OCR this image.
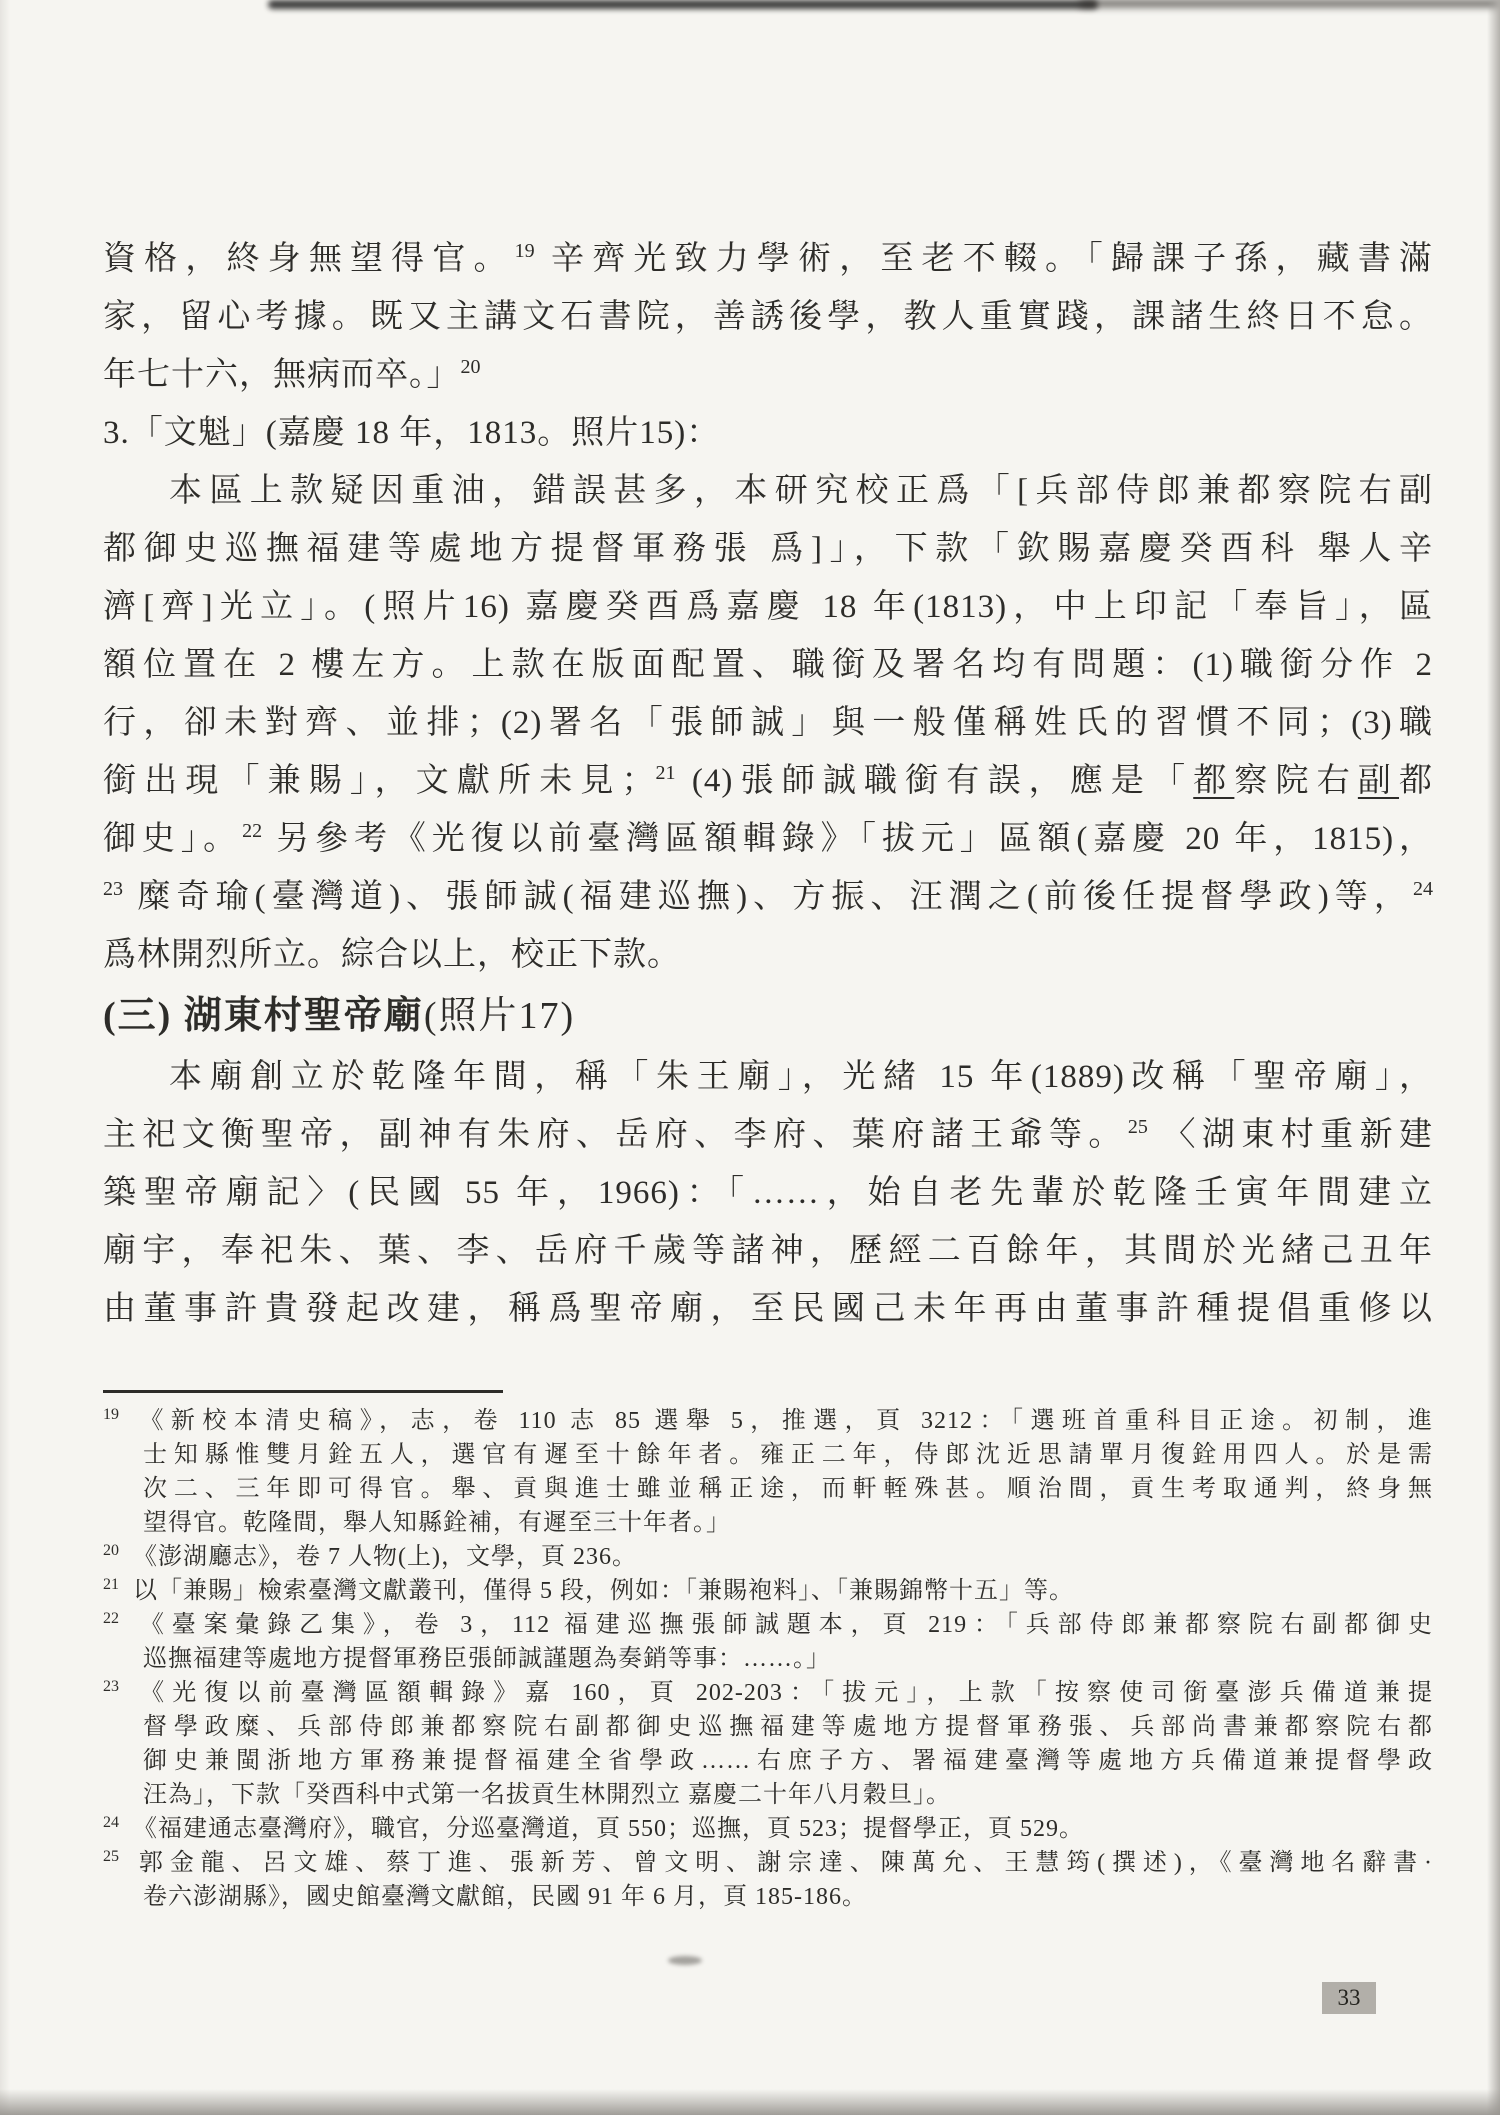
資格，終身無望得官。$^{19}$ 辛齊光致力學術，至老不輟。「歸課子孫，藏書滿
家，留心考據。既又主講文石書院，善誘後學，教人重實踐，課諸生終日不怠。
年七十六，無病而卒。」$^{20}$
3.「文魁」(嘉慶 18 年，1813。照片15)：
本區上款疑因重油，錯誤甚多，本研究校正爲「[兵部侍郎兼都察院右副
都御史巡撫福建等處地方提督軍務張 爲]」，下款「欽賜嘉慶癸酉科 舉人辛
濟[齊]光立」。(照片16) 嘉慶癸酉爲嘉慶 18 年(1813)，中上印記「奉旨」，區
額位置在 2 樓左方。上款在版面配置、職銜及署名均有問題：(1)職銜分作 2
行，卻未對齊、並排；(2)署名「張師誠」與一般僅稱姓氏的習慣不同；(3)職
銜出現「兼賜」，文獻所未見；$^{21}$ (4)張師誠職銜有誤，應是「都察院右副都
御史」。$^{22}$ 另參考《光復以前臺灣區額輯錄》「拔元」區額(嘉慶 20 年，1815)，
$^{23}$ 糜奇瑜(臺灣道)、張師誠(福建巡撫)、方振、汪潤之(前後任提督學政)等，$^{24}$
爲林開烈所立。綜合以上，校正下款。
(三) 湖東村聖帝廟(照片17)
本廟創立於乾隆年間，稱「朱王廟」，光緒 15 年(1889)改稱「聖帝廟」，
主祀文衡聖帝，副神有朱府、岳府、李府、葉府諸王爺等。$^{25}$ 〈湖東村重新建
築聖帝廟記〉(民國 55 年，1966)：「……，始自老先輩於乾隆壬寅年間建立
廟宇，奉祀朱、葉、李、岳府千歲等諸神，歷經二百餘年，其間於光緒己丑年
由董事許貴發起改建，稱爲聖帝廟，至民國己未年再由董事許種提倡重修以
$^{19}$ 《新校本清史稿》，志，卷 110 志 85 選舉 5，推選，頁 3212：「選班首重科目正途。初制，進
士知縣惟雙月銓五人，選官有遲至十餘年者。雍正二年，侍郎沈近思請單月復銓用四人。於是需
次二、三年即可得官。舉、貢與進士雖並稱正途，而軒輊殊甚。順治間，貢生考取通判，終身無
望得官。乾隆間，舉人知縣銓補，有遲至三十年者。」
$^{20}$ 《澎湖廳志》，卷 7 人物(上)，文學，頁 236。
$^{21}$ 以「兼賜」檢索臺灣文獻叢刊，僅得 5 段，例如：「兼賜袍料」、「兼賜錦幣十五」等。
$^{22}$ 《臺案彙錄乙集》，卷 3，112 福建巡撫張師誠題本，頁 219：「兵部侍郎兼都察院右副都御史
巡撫福建等處地方提督軍務臣張師誠謹題為奏銷等事：……。」
$^{23}$ 《光復以前臺灣區額輯錄》嘉 160，頁 202-203：「拔元」，上款「按察使司銜臺澎兵備道兼提
督學政糜、兵部侍郎兼都察院右副都御史巡撫福建等處地方提督軍務張、兵部尚書兼都察院右都
御史兼閩浙地方軍務兼提督福建全省學政……右庶子方、署福建臺灣等處地方兵備道兼提督學政
汪為」，下款「癸酉科中式第一名拔貢生林開烈立 嘉慶二十年八月穀旦」。
$^{24}$ 《福建通志臺灣府》，職官，分巡臺灣道，頁 550；巡撫，頁 523；提督學正，頁 529。
$^{25}$ 郭金龍、呂文雄、蔡丁進、張新芳、曾文明、謝宗達、陳萬允、王慧筠(撰述)，《臺灣地名辭書·
卷六澎湖縣》，國史館臺灣文獻館，民國 91 年 6 月，頁 185-186。
33
